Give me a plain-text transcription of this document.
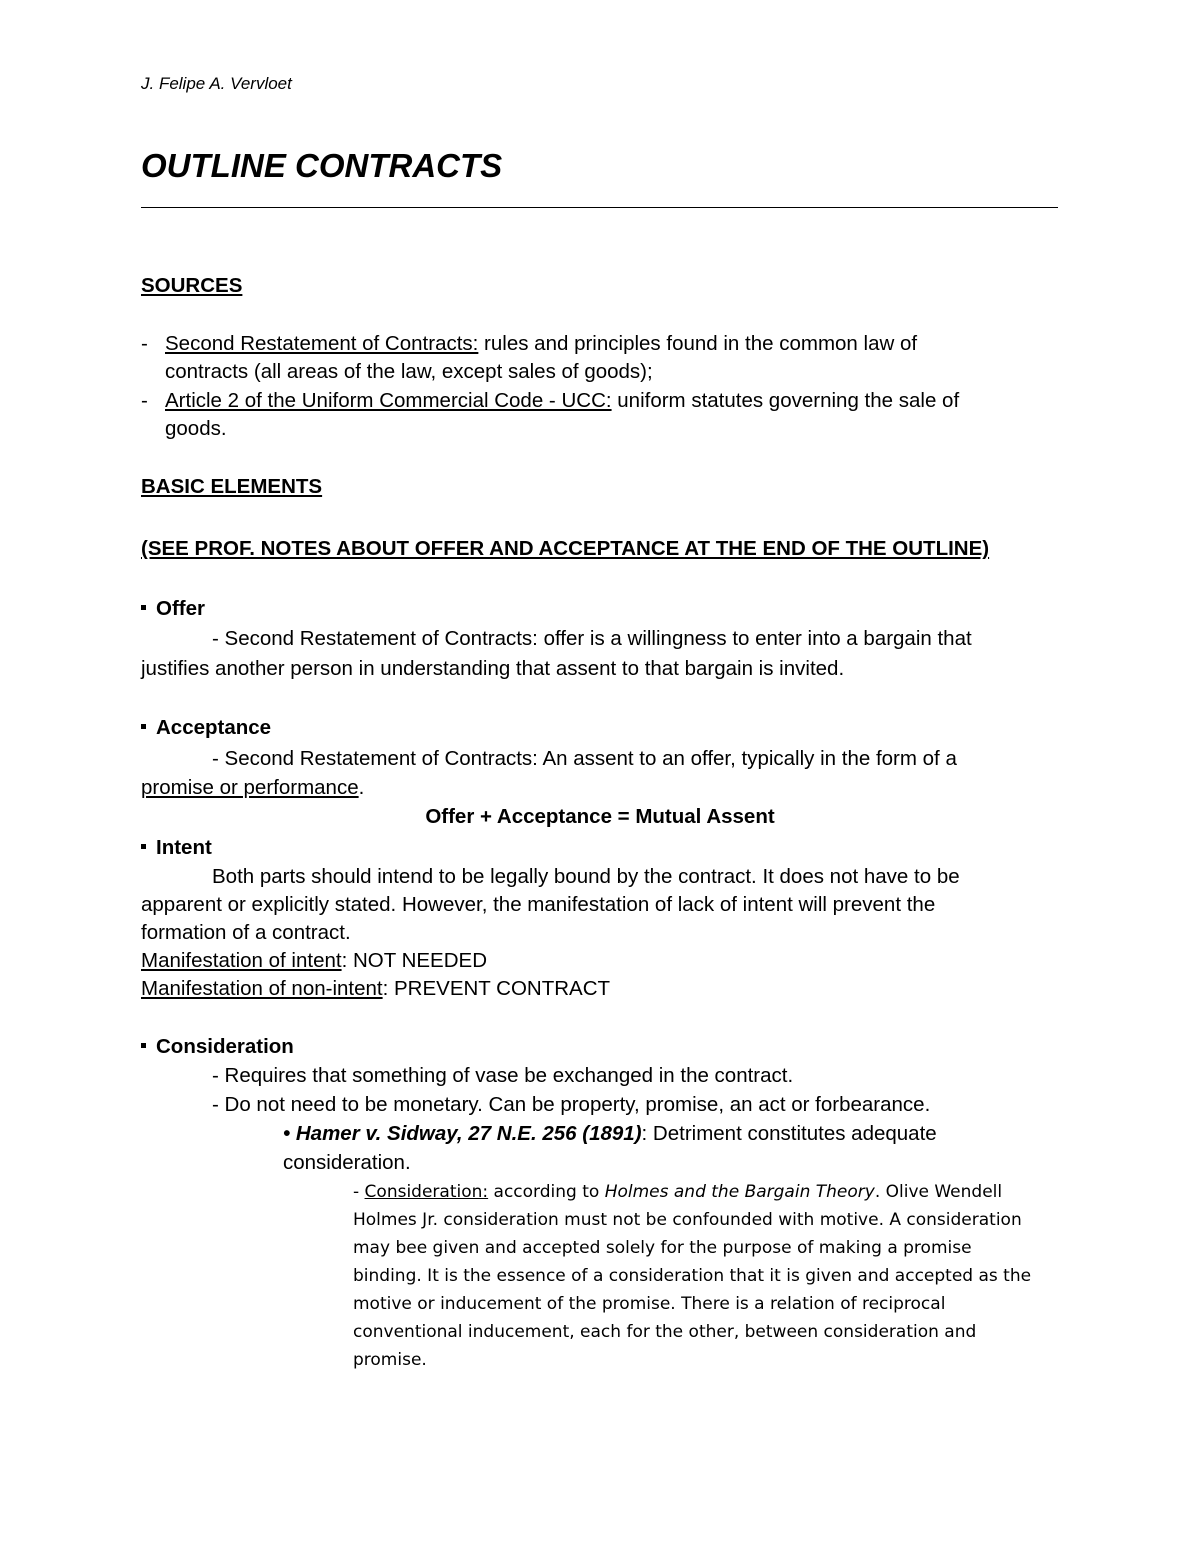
J. Felipe A. Vervloet
OUTLINE CONTRACTS
SOURCES
- Second Restatement of Contracts: rules and principles found in the common law of
contracts (all areas of the law, except sales of goods);
- Article 2 of the Uniform Commercial Code - UCC: uniform statutes governing the sale of
goods.
BASIC ELEMENTS
(SEE PROF. NOTES ABOUT OFFER AND ACCEPTANCE AT THE END OF THE OUTLINE)
Offer
- Second Restatement of Contracts: offer is a willingness to enter into a bargain that
justifies another person in understanding that assent to that bargain is invited.
Acceptance
- Second Restatement of Contracts: An assent to an offer, typically in the form of a
promise or performance.
Offer + Acceptance = Mutual Assent
Intent
Both parts should intend to be legally bound by the contract. It does not have to be
apparent or explicitly stated. However, the manifestation of lack of intent will prevent the
formation of a contract.
Manifestation of intent: NOT NEEDED
Manifestation of non-intent: PREVENT CONTRACT
Consideration
- Requires that something of vase be exchanged in the contract.
- Do not need to be monetary. Can be property, promise, an act or forbearance.
• Hamer v. Sidway, 27 N.E. 256 (1891): Detriment constitutes adequate
consideration.
- Consideration: according to Holmes and the Bargain Theory. Olive Wendell
Holmes Jr. consideration must not be confounded with motive. A consideration
may bee given and accepted solely for the purpose of making a promise
binding. It is the essence of a consideration that it is given and accepted as the
motive or inducement of the promise. There is a relation of reciprocal
conventional inducement, each for the other, between consideration and
promise.
